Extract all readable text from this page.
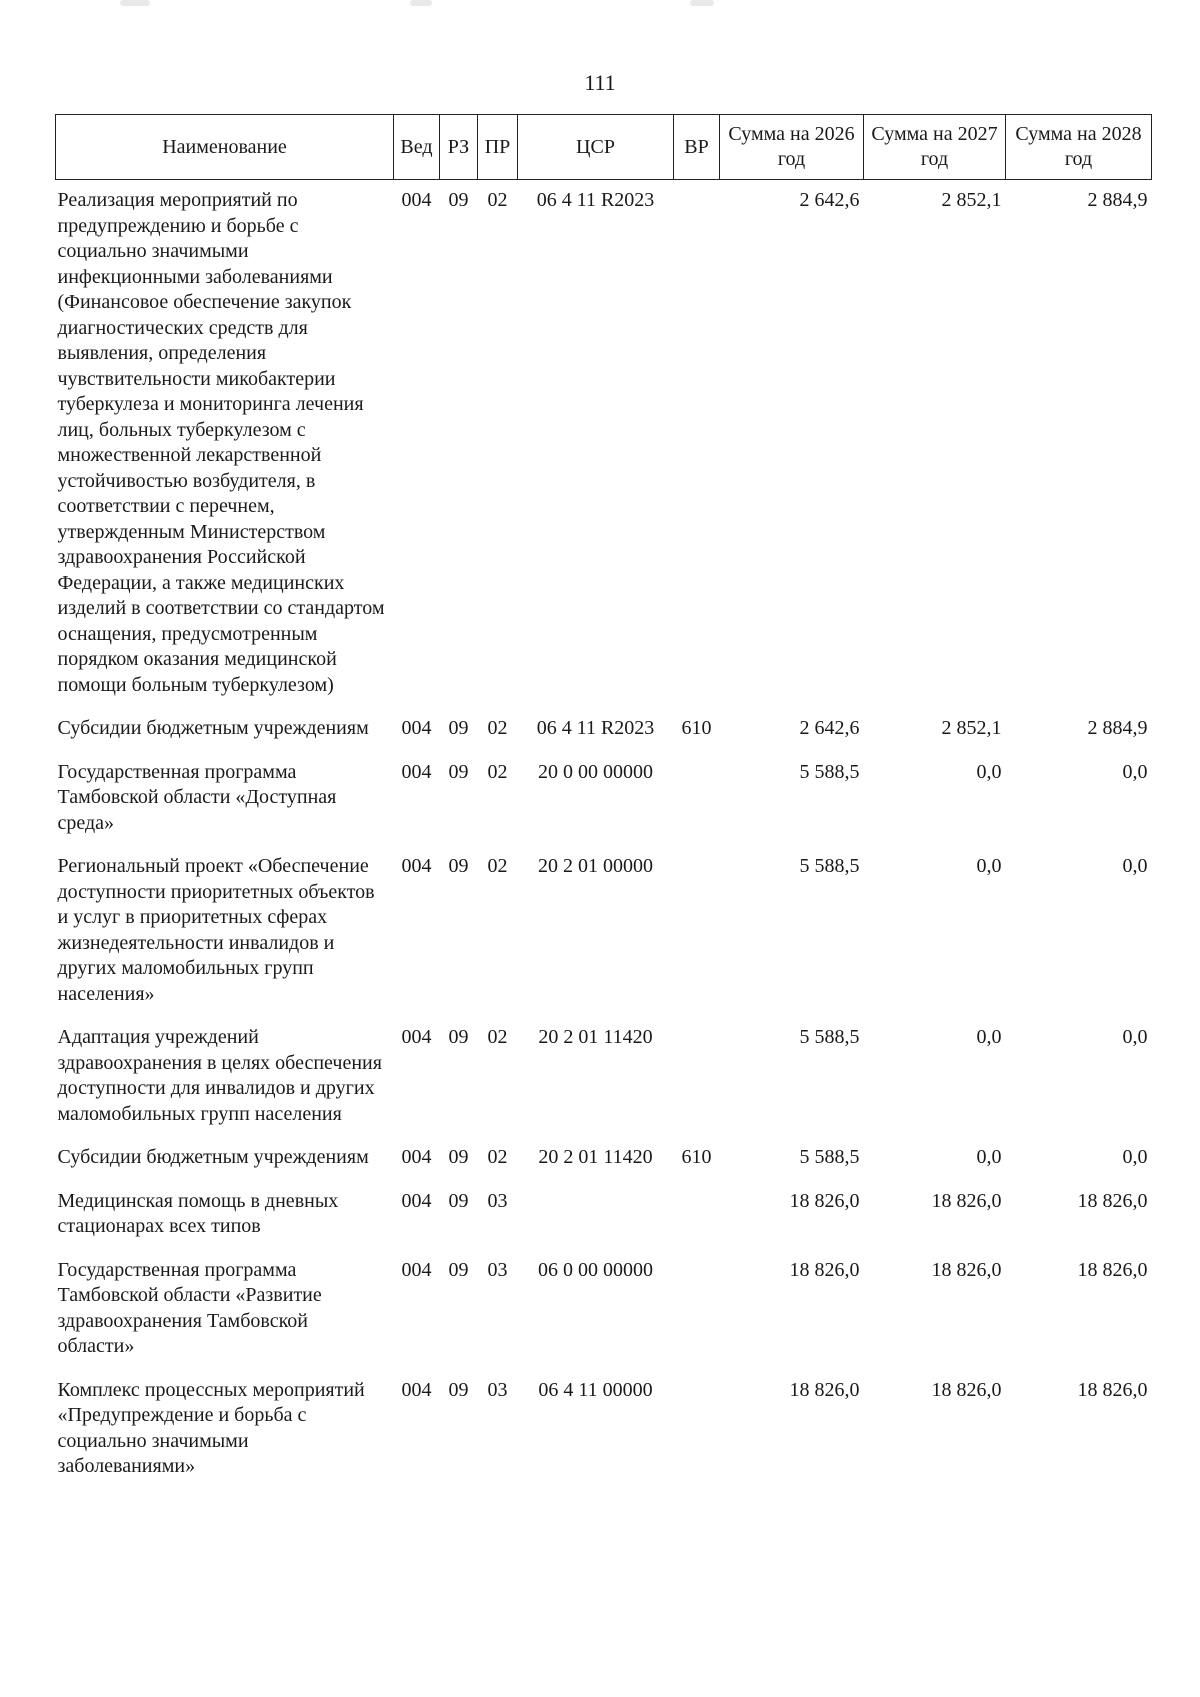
111
Наименование	Вед	РЗ	ПР	ЦСР	ВР	Сумма на 2026 год	Сумма на 2027 год	Сумма на 2028 год
Реализация мероприятий по предупреждению и борьбе с социально значимыми инфекционными заболеваниями (Финансовое обеспечение закупок диагностических средств для выявления, определения чувствительности микобактерии туберкулеза и мониторинга лечения лиц, больных туберкулезом с множественной лекарственной устойчивостью возбудителя, в соответствии с перечнем, утвержденным Министерством здравоохранения Российской Федерации, а также медицинских изделий в соответствии со стандартом оснащения, предусмотренным порядком оказания медицинской помощи больным туберкулезом)	004	09	02	06 4 11 R2023		2 642,6	2 852,1	2 884,9
Субсидии бюджетным учреждениям	004	09	02	06 4 11 R2023	610	2 642,6	2 852,1	2 884,9
Государственная программа Тамбовской области «Доступная среда»	004	09	02	20 0 00 00000		5 588,5	0,0	0,0
Региональный проект «Обеспечение доступности приоритетных объектов и услуг в приоритетных сферах жизнедеятельности инвалидов и других маломобильных групп населения»	004	09	02	20 2 01 00000		5 588,5	0,0	0,0
Адаптация учреждений здравоохранения в целях обеспечения доступности для инвалидов и других маломобильных групп населения	004	09	02	20 2 01 11420		5 588,5	0,0	0,0
Субсидии бюджетным учреждениям	004	09	02	20 2 01 11420	610	5 588,5	0,0	0,0
Медицинская помощь в дневных стационарах всех типов	004	09	03			18 826,0	18 826,0	18 826,0
Государственная программа Тамбовской области «Развитие здравоохранения Тамбовской области»	004	09	03	06 0 00 00000		18 826,0	18 826,0	18 826,0
Комплекс процессных мероприятий «Предупреждение и борьба с социально значимыми заболеваниями»	004	09	03	06 4 11 00000		18 826,0	18 826,0	18 826,0
